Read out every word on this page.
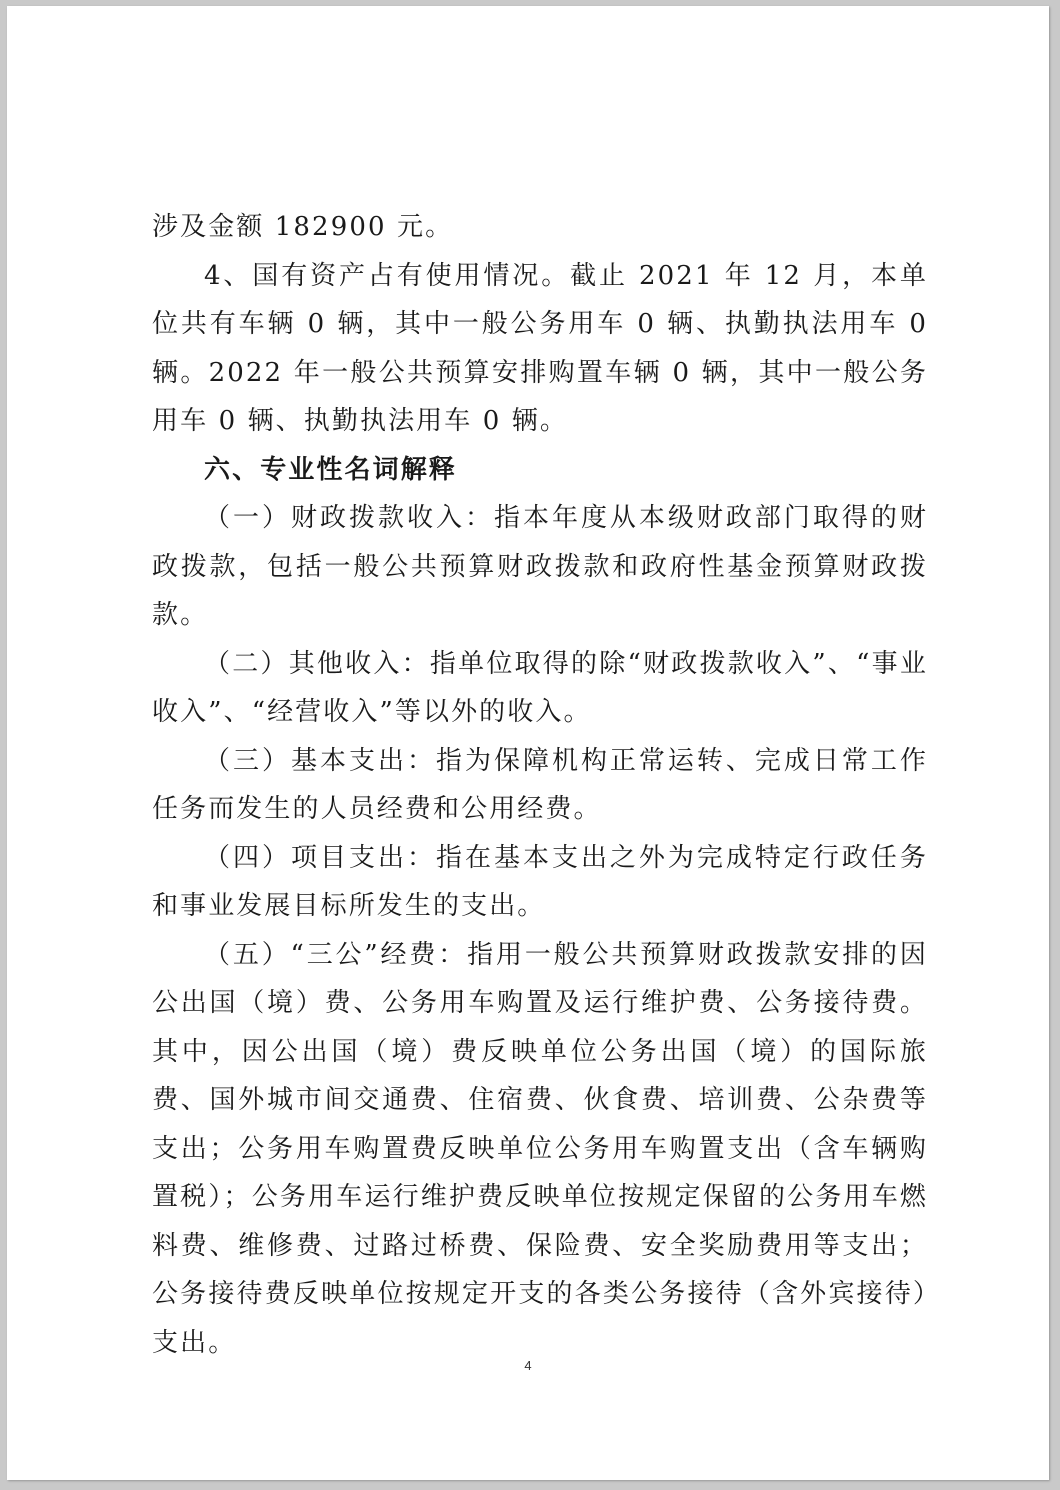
涉及金额 182900 元。

4、国有资产占有使用情况。截止 2021 年 12 月，本单位共有车辆 0 辆，其中一般公务用车 0 辆、执勤执法用车 0 辆。2022 年一般公共预算安排购置车辆 0 辆，其中一般公务用车 0 辆、执勤执法用车 0 辆。

六、专业性名词解释

（一）财政拨款收入：指本年度从本级财政部门取得的财政拨款，包括一般公共预算财政拨款和政府性基金预算财政拨款。

（二）其他收入：指单位取得的除“财政拨款收入”、“事业收入”、“经营收入”等以外的收入。

（三）基本支出：指为保障机构正常运转、完成日常工作任务而发生的人员经费和公用经费。

（四）项目支出：指在基本支出之外为完成特定行政任务和事业发展目标所发生的支出。

（五）“三公”经费：指用一般公共预算财政拨款安排的因公出国（境）费、公务用车购置及运行维护费、公务接待费。其中，因公出国（境）费反映单位公务出国（境）的国际旅费、国外城市间交通费、住宿费、伙食费、培训费、公杂费等支出；公务用车购置费反映单位公务用车购置支出（含车辆购置税）；公务用车运行维护费反映单位按规定保留的公务用车燃料费、维修费、过路过桥费、保险费、安全奖励费用等支出；公务接待费反映单位按规定开支的各类公务接待（含外宾接待）支出。

4
